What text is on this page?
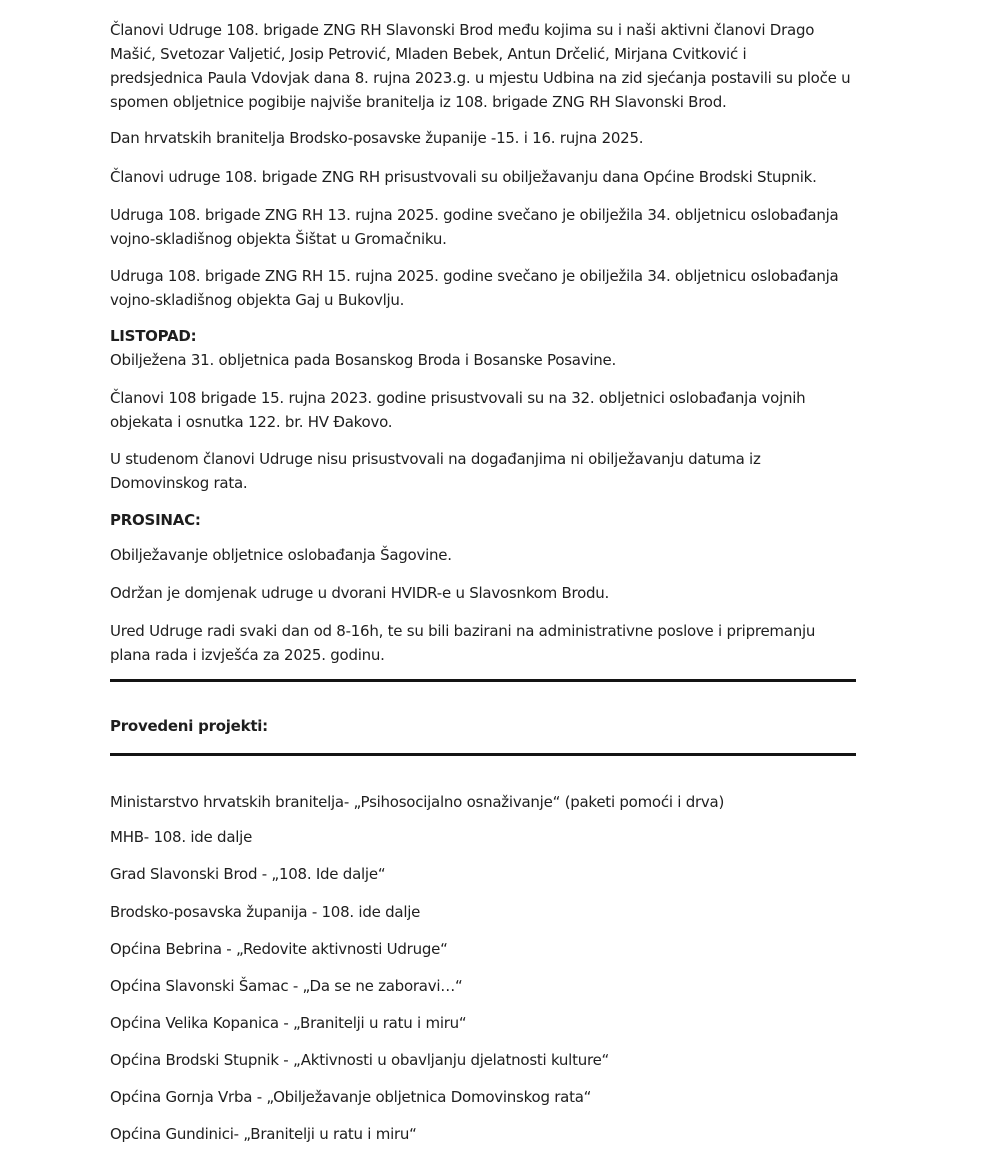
Članovi Udruge 108. brigade ZNG RH Slavonski Brod među kojima su i naši aktivni članovi Drago

Mašić, Svetozar Valjetić, Josip Petrović, Mladen Bebek, Antun Drčelić, Mirjana Cvitković i

predsjednica Paula Vdovjak dana 8. rujna 2023.g. u mjestu Udbina na zid sjećanja postavili su ploče u

spomen obljetnice pogibije najviše branitelja iz 108. brigade ZNG RH Slavonski Brod.

Dan hrvatskih branitelja Brodsko-posavske županije -15. i 16. rujna 2025.

Članovi udruge 108. brigade ZNG RH prisustvovali su obilježavanju dana Općine Brodski Stupnik.

Udruga 108. brigade ZNG RH 13. rujna 2025. godine svečano je obilježila 34. obljetnicu oslobađanja

vojno-skladišnog objekta Šištat u Gromačniku.

Udruga 108. brigade ZNG RH 15. rujna 2025. godine svečano je obilježila 34. obljetnicu oslobađanja

vojno-skladišnog objekta Gaj u Bukovlju.

LISTOPAD:

Obilježena 31. obljetnica pada Bosanskog Broda i Bosanske Posavine.

Članovi 108 brigade 15. rujna 2023. godine prisustvovali su na 32. obljetnici oslobađanja vojnih

objekata i osnutka 122. br. HV Đakovo.

U studenom članovi Udruge nisu prisustvovali na događanjima ni obilježavanju datuma iz

Domovinskog rata.

PROSINAC:

Obilježavanje obljetnice oslobađanja Šagovine.

Održan je domjenak udruge u dvorani HVIDR-e u Slavosnkom Brodu.

Ured Udruge radi svaki dan od 8-16h, te su bili bazirani na administrativne poslove i pripremanju

plana rada i izvješća za 2025. godinu.

Provedeni projekti:

Ministarstvo hrvatskih branitelja- „Psihosocijalno osnaživanje“ (paketi pomoći i drva)

MHB- 108. ide dalje

Grad Slavonski Brod - „108. Ide dalje“

Brodsko-posavska županija - 108. ide dalje

Općina Bebrina - „Redovite aktivnosti Udruge“

Općina Slavonski Šamac - „Da se ne zaboravi…“

Općina Velika Kopanica - „Branitelji u ratu i miru“

Općina Brodski Stupnik - „Aktivnosti u obavljanju djelatnosti kulture“

Općina Gornja Vrba - „Obilježavanje obljetnica Domovinskog rata“

Općina Gundinici- „Branitelji u ratu i miru“
